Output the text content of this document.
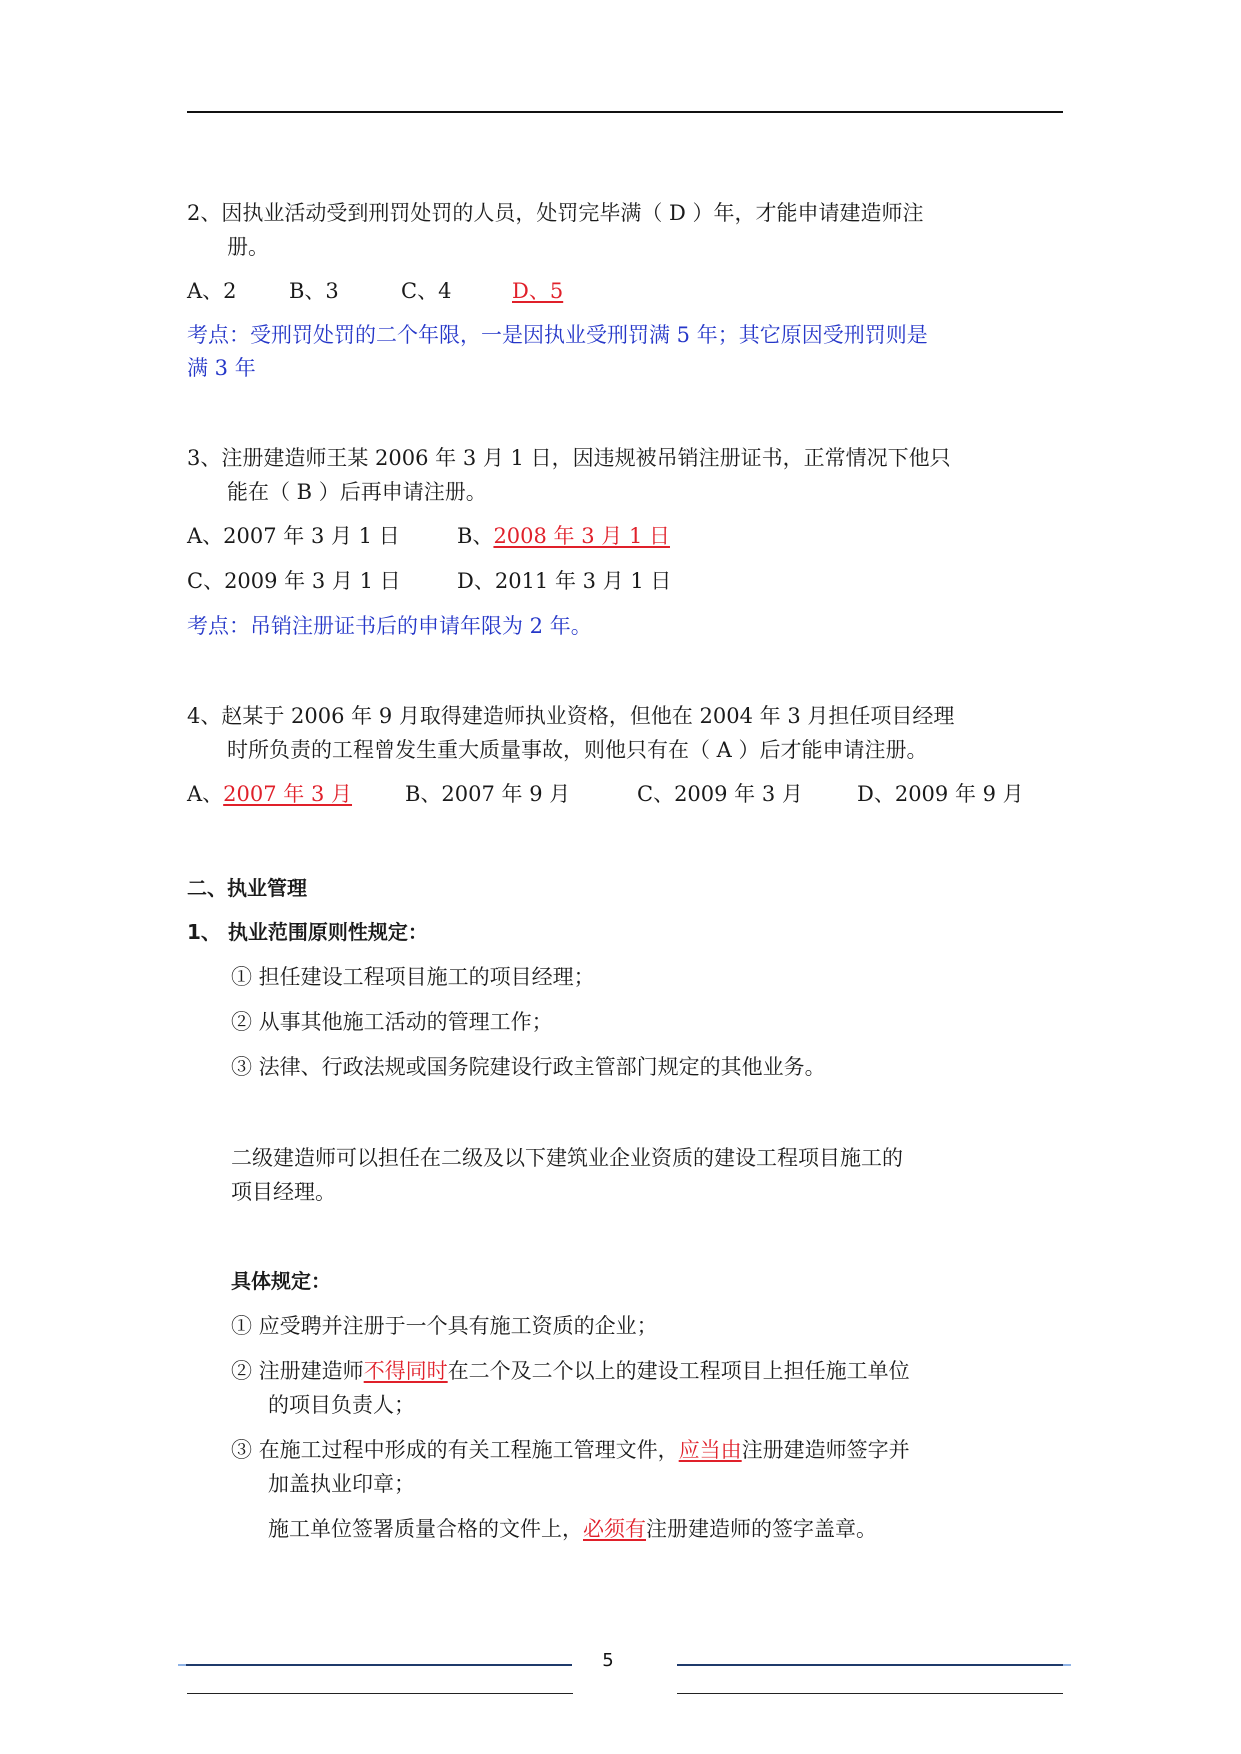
2、因执业活动受到刑罚处罚的人员，处罚完毕满（ D ）年，才能申请建造师注
册。
A、2 B、3	C、4	D、5
考点：受刑罚处罚的二个年限，一是因执业受刑罚满 5 年；其它原因受刑罚则是
满 3 年
3、注册建造师王某 2006 年 3 月 1 日，因违规被吊销注册证书，正常情况下他只
能在（ B ）后再申请注册。
A、2007 年 3 月 1 日	B、2008 年 3 月 1 日
C、2009 年 3 月 1 日	D、2011 年 3 月 1 日
考点：吊销注册证书后的申请年限为 2 年。
4、赵某于 2006 年 9 月取得建造师执业资格，但他在 2004 年 3 月担任项目经理
时所负责的工程曾发生重大质量事故，则他只有在（ A ）后才能申请注册。
A、2007 年 3 月	B、2007 年 9 月	C、2009 年 3 月	D、2009 年 9 月
二、执业管理
1、 执业范围原则性规定：
① 担任建设工程项目施工的项目经理；
② 从事其他施工活动的管理工作；
③ 法律、行政法规或国务院建设行政主管部门规定的其他业务。
二级建造师可以担任在二级及以下建筑业企业资质的建设工程项目施工的
项目经理。
具体规定：
① 应受聘并注册于一个具有施工资质的企业；
② 注册建造师不得同时在二个及二个以上的建设工程项目上担任施工单位
的项目负责人；
③ 在施工过程中形成的有关工程施工管理文件，应当由注册建造师签字并
加盖执业印章；
施工单位签署质量合格的文件上，必须有注册建造师的签字盖章。
5
